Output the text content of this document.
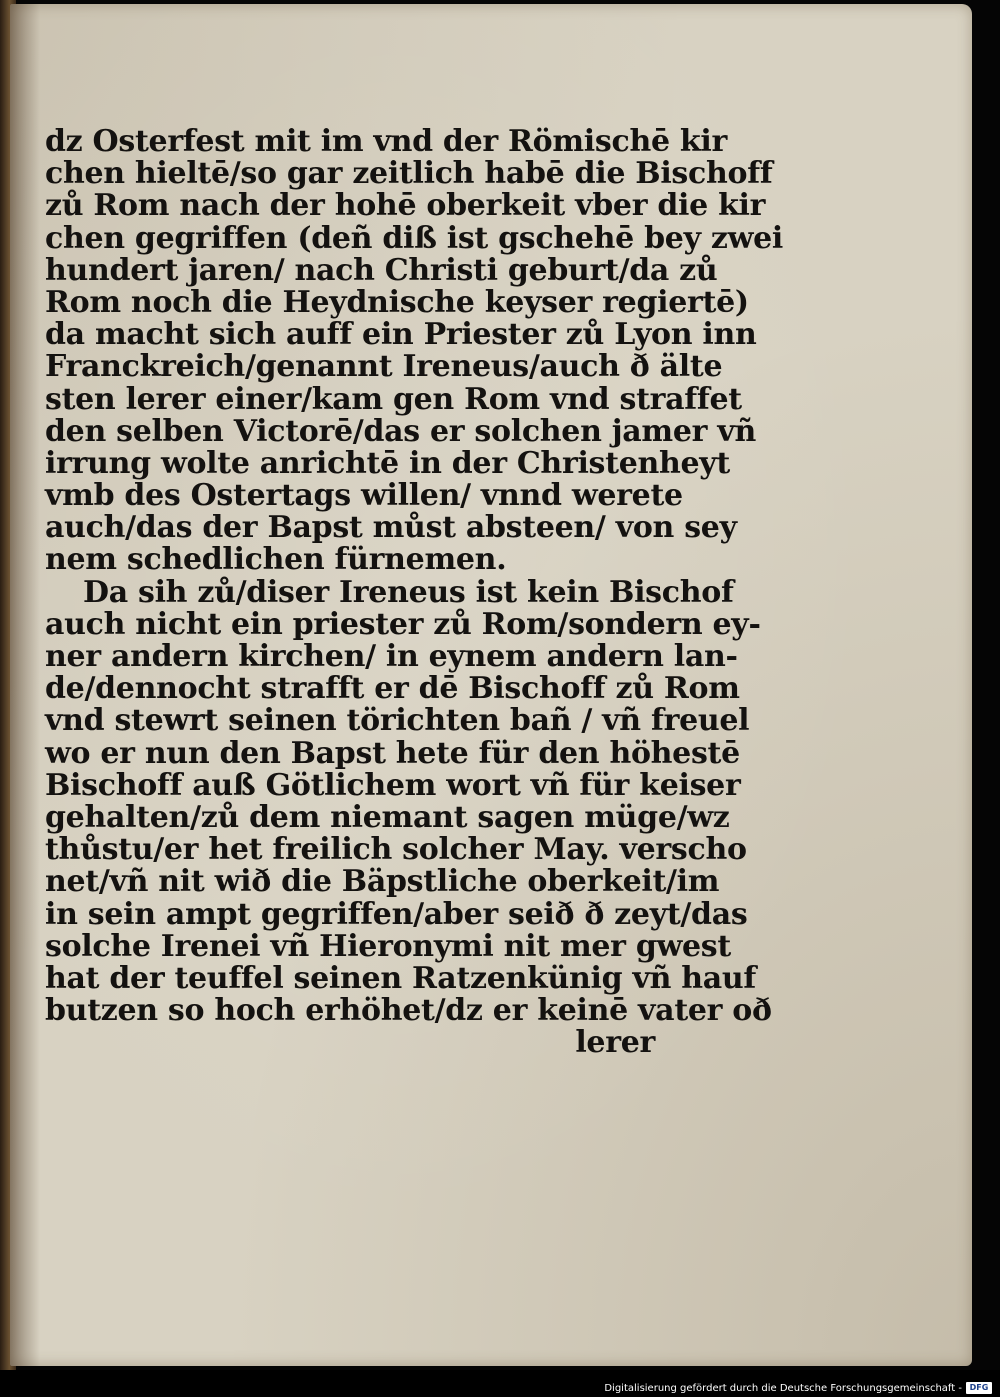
dz Osterfest mit im vnd der Römischē kir
chen hieltē/so gar zeitlich habē die Bischoff
zů Rom nach der hohē oberkeit vber die kir
chen gegriffen (deñ diß ist gschehē bey zwei
hundert jaren/ nach Christi geburt/da zů
Rom noch die Heydnische keyser regiertē)
da macht sich auff ein Priester zů Lyon inn
Franckreich/genannt Ireneus/auch ð älte
sten lerer einer/kam gen Rom vnd straffet
den selben Victorē/das er solchen jamer vñ
irrung wolte anrichtē in der Christenheyt
vmb des Ostertags willen/ vnnd werete
auch/das der Bapst můst absteen/ von sey
nem schedlichen fürnemen.
Da sih zů/diser Ireneus ist kein Bischof
auch nicht ein priester zů Rom/sondern ey-
ner andern kirchen/ in eynem andern lan-
de/dennocht strafft er dē Bischoff zů Rom
vnd stewrt seinen törichten bañ / vñ freuel
wo er nun den Bapst hete für den höhestē
Bischoff auß Götlichem wort vñ für keiser
gehalten/zů dem niemant sagen müge/wz
thůstu/er het freilich solcher May. verscho
net/vñ nit wið die Bäpstliche oberkeit/im
in sein ampt gegriffen/aber seið ð zeyt/das
solche Irenei vñ Hieronymi nit mer gwest
hat der teuffel seinen Ratzenkünig vñ hauf
butzen so hoch erhöhet/dz er keinē vater oð
lerer
Digitalisierung gefördert durch die Deutsche Forschungsgemeinschaft - DFG
